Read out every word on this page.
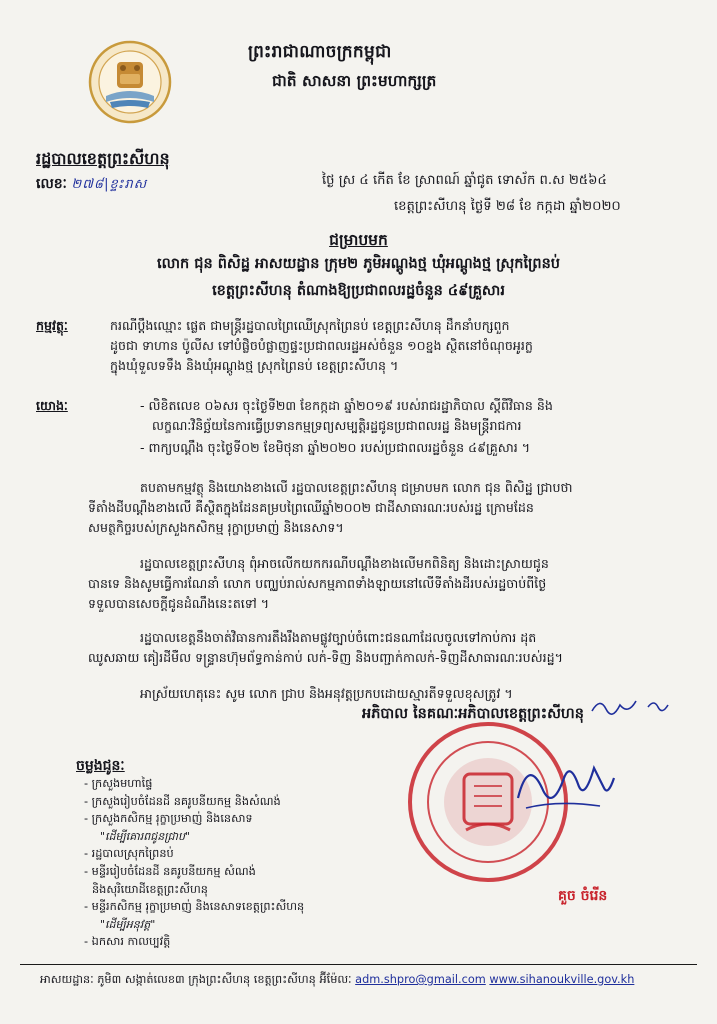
ព្រះរាជាណាចក្រកម្ពុជា
ជាតិ សាសនា ព្រះមហាក្សត្រ
រដ្ឋបាលខេត្តព្រះសីហនុ
លេខៈ ២៧៨|ខ្ទះរាស	ថ្ងៃ ស្រ ៤ កើត ខែ ស្រាពណ៍ ឆ្នាំជូត ទោស័ក ព.ស ២៥៦៤
ខេត្តព្រះសីហនុ ថ្ងៃទី ២៨ ខែ កក្កដា ឆ្នាំ២០២០
ជម្រាបមក
លោក ជុន ពិសិដ្ឋ អាសយដ្ឋាន ក្រុម២ ភូមិអណ្តូងថ្ម ឃុំអណ្តូងថ្ម ស្រុកព្រៃនប់
ខេត្តព្រះសីហនុ តំណាងឱ្យប្រជាពលរដ្ឋចំនួន ៤៩គ្រួសារ
កម្មវត្ថុៈ	ករណីប្តឹងឈ្មោះ ផ្លេត ជាមន្ត្រីរដ្ឋបាលព្រៃឈើស្រុកព្រៃនប់ ខេត្តព្រះសីហនុ ដឹកនាំបក្សពួក
ដូចជា ទាហាន ប៉ូលីស ទៅបំផ្លិចបំផ្លាញផ្ទះប្រជាពលរដ្ឋអស់ចំនួន ១០ខ្នង ស្ថិតនៅចំណុចអូរក្ល
ក្នុងឃុំទួលទទឹង និងឃុំអណ្តូងថ្ម ស្រុកព្រៃនប់ ខេត្តព្រះសីហនុ ។
យោងៈ	- លិខិតលេខ ០៦សរ ចុះថ្ងៃទី២៣ ខែកក្កដា ឆ្នាំ២០១៩ របស់រាជរដ្ឋាភិបាល ស្តីពីវិធាន និង
លក្ខណៈវិនិច្ឆ័យនៃការធ្វើប្រទានកម្មទ្រព្យសម្បត្តិរដ្ឋជូនប្រជាពលរដ្ឋ និងមន្ត្រីរាជការ
- ពាក្យបណ្តឹង ចុះថ្ងៃទី០២ ខែមិថុនា ឆ្នាំ២០២០ របស់ប្រជាពលរដ្ឋចំនួន ៤៩គ្រួសារ ។
តបតាមកម្មវត្ថុ និងយោងខាងលើ រដ្ឋបាលខេត្តព្រះសីហនុ ជម្រាបមក លោក ជុន ពិសិដ្ឋ ជ្រាបថា
ទីតាំងដីបណ្តឹងខាងលើ គឺស្ថិតក្នុងដែនគម្របព្រៃឈើឆ្នាំ២០០២ ជាដីសាធារណៈរបស់រដ្ឋ ក្រោមដែន
សមត្ថកិច្ចរបស់ក្រសួងកសិកម្ម រុក្ខាប្រមាញ់ និងនេសាទ។
រដ្ឋបាលខេត្តព្រះសីហនុ ពុំអាចលើកយកករណីបណ្តឹងខាងលើមកពិនិត្យ និងដោះស្រាយជូន
បានទេ និងសូមធ្វើការណែនាំ លោក បញ្ឈប់រាល់សកម្មភាពទាំងឡាយនៅលើទីតាំងដីរបស់រដ្ឋចាប់ពីថ្ងៃ
ទទួលបានសេចក្តីជូនដំណឹងនេះតទៅ ។
រដ្ឋបាលខេត្តនឹងចាត់វិធានការតឹងរឹងតាមផ្លូវច្បាប់ចំពោះជនណាដែលចូលទៅកាប់ការ ដុត
ឈូសឆាយ គៀរដីមឺល ទន្ទ្រានហ៊ុមព័ទ្ធកាន់កាប់ លក់-ទិញ និងបញ្ជាក់កាលក់-ទិញដីសាធារណៈរបស់រដ្ឋ។
អាស្រ័យហេតុនេះ សូម លោក ជ្រាប និងអនុវត្តប្រកបដោយស្មារតីទទួលខុសត្រូវ ។
អភិបាល នៃគណៈអភិបាលខេត្តព្រះសីហនុ
គួច ចំរើន
ចម្លងជូនៈ
- ក្រសួងមហាផ្ទៃ
- ក្រសួងរៀបចំដែនដី នគរូបនីយកម្ម និងសំណង់
- ក្រសួងកសិកម្ម រុក្ខាប្រមាញ់ និងនេសាទ
"ដើម្បីគោរពជូនជ្រាប"
- រដ្ឋបាលស្រុកព្រៃនប់
- មន្ទីររៀបចំដែនដី នគរូបនីយកម្ម សំណង់
និងសុរិយោដីខេត្តព្រះសីហនុ
- មន្ទីរកសិកម្ម រុក្ខាប្រមាញ់ និងនេសាទខេត្តព្រះសីហនុ
"ដើម្បីអនុវត្ត"
- ឯកសារ កាលប្បវត្តិ
អាសយដ្ឋានៈ ភូមិ៣ សង្កាត់លេខ៣ ក្រុងព្រះសីហនុ ខេត្តព្រះសីហនុ អ៊ីម៉ែលៈ adm.shpro@gmail.com www.sihanoukville.gov.kh
